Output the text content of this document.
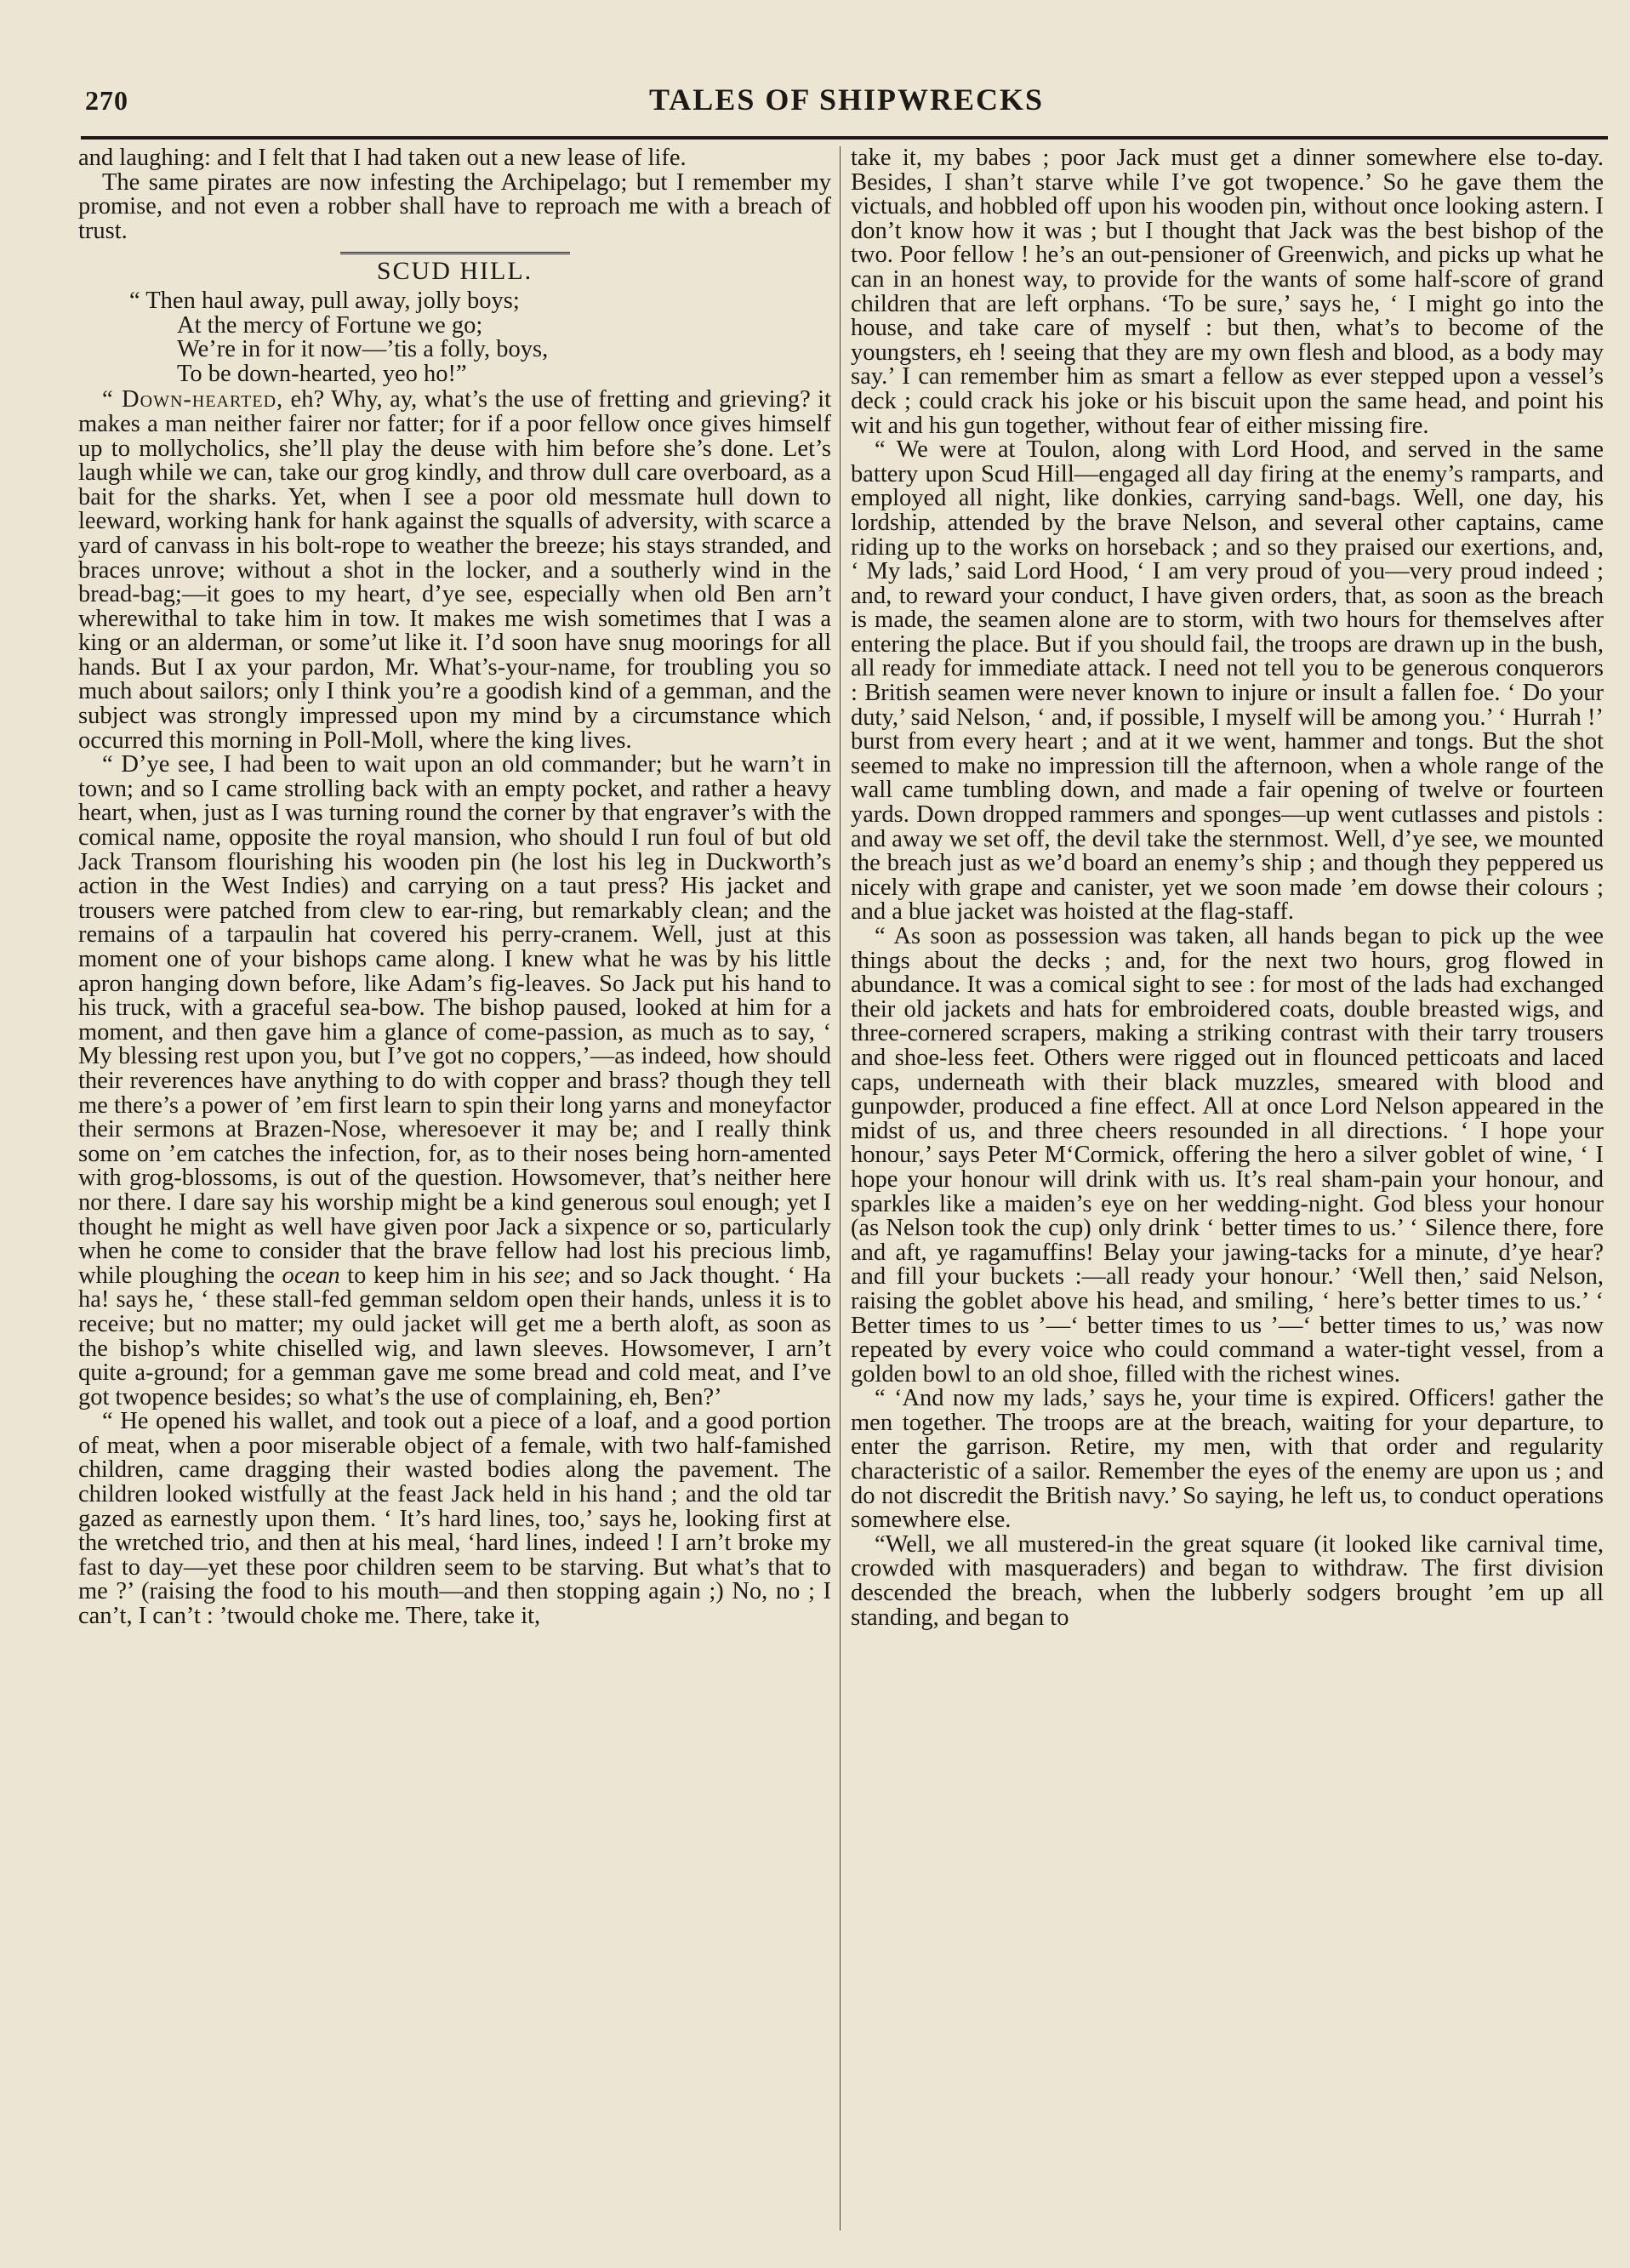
270	TALES OF SHIPWRECKS

and laughing: and I felt that I had taken out a new lease of life.

The same pirates are now infesting the Archipelago; but I remember my promise, and not even a robber shall have to reproach me with a breach of trust.

SCUD HILL.
“ Then haul away, pull away, jolly boys;
At the mercy of Fortune we go;
We’re in for it now—’tis a folly, boys,
To be down-hearted, yeo ho!”

“ Down-hearted, eh? Why, ay, what’s the use of fretting and grieving? it makes a man neither fairer nor fatter; for if a poor fellow once gives himself up to mollycholics, she’ll play the deuse with him before she’s done. Let’s laugh while we can, take our grog kindly, and throw dull care overboard, as a bait for the sharks. Yet, when I see a poor old messmate hull down to leeward, working hank for hank against the squalls of adversity, with scarce a yard of canvass in his bolt-rope to weather the breeze; his stays stranded, and braces unrove; without a shot in the locker, and a southerly wind in the bread-bag;—it goes to my heart, d’ye see, especially when old Ben arn’t wherewithal to take him in tow. It makes me wish sometimes that I was a king or an alderman, or some’ut like it. I’d soon have snug moorings for all hands. But I ax your pardon, Mr. What’s-your-name, for troubling you so much about sailors; only I think you’re a goodish kind of a gemman, and the subject was strongly impressed upon my mind by a circumstance which occurred this morning in Poll-Moll, where the king lives.

“ D’ye see, I had been to wait upon an old commander; but he warn’t in town; and so I came strolling back with an empty pocket, and rather a heavy heart, when, just as I was turning round the corner by that engraver’s with the comical name, opposite the royal mansion, who should I run foul of but old Jack Transom flourishing his wooden pin (he lost his leg in Duckworth’s action in the West Indies) and carrying on a taut press? His jacket and trousers were patched from clew to ear-ring, but remarkably clean; and the remains of a tarpaulin hat covered his perry-cranem. Well, just at this moment one of your bishops came along. I knew what he was by his little apron hanging down before, like Adam’s fig-leaves. So Jack put his hand to his truck, with a graceful sea-bow. The bishop paused, looked at him for a moment, and then gave him a glance of come-passion, as much as to say, ‘ My blessing rest upon you, but I’ve got no coppers,’—as indeed, how should their reverences have anything to do with copper and brass? though they tell me there’s a power of ’em first learn to spin their long yarns and moneyfactor their sermons at Brazen-Nose, wheresoever it may be; and I really think some on ’em catches the infection, for, as to their noses being horn-amented with grog-blossoms, is out of the question. Howsomever, that’s neither here nor there. I dare say his worship might be a kind generous soul enough; yet I thought he might as well have given poor Jack a sixpence or so, particularly when he come to consider that the brave fellow had lost his precious limb, while ploughing the ocean to keep him in his see; and so Jack thought. ‘ Ha ha! says he, ‘ these stall-fed gemman seldom open their hands, unless it is to receive; but no matter; my ould jacket will get me a berth aloft, as soon as the bishop’s white chiselled wig, and lawn sleeves. Howsomever, I arn’t quite a-ground; for a gemman gave me some bread and cold meat, and I’ve got twopence besides; so what’s the use of complaining, eh, Ben?’

“ He opened his wallet, and took out a piece of a loaf, and a good portion of meat, when a poor miserable object of a female, with two half-famished children, came dragging their wasted bodies along the pavement. The children looked wistfully at the feast Jack held in his hand ; and the old tar gazed as earnestly upon them. ‘ It’s hard lines, too,’ says he, looking first at the wretched trio, and then at his meal, ‘hard lines, indeed ! I arn’t broke my fast to day—yet these poor children seem to be starving. But what’s that to me ?’ (raising the food to his mouth—and then stopping again ;) No, no ; I can’t, I can’t : ’twould choke me. There, take it,

take it, my babes ; poor Jack must get a dinner somewhere else to-day. Besides, I shan’t starve while I’ve got twopence.’ So he gave them the victuals, and hobbled off upon his wooden pin, without once looking astern. I don’t know how it was ; but I thought that Jack was the best bishop of the two. Poor fellow ! he’s an out-pensioner of Greenwich, and picks up what he can in an honest way, to provide for the wants of some half-score of grand children that are left orphans. ‘To be sure,’ says he, ‘ I might go into the house, and take care of myself : but then, what’s to become of the youngsters, eh ! seeing that they are my own flesh and blood, as a body may say.’ I can remember him as smart a fellow as ever stepped upon a vessel’s deck ; could crack his joke or his biscuit upon the same head, and point his wit and his gun together, without fear of either missing fire.

“ We were at Toulon, along with Lord Hood, and served in the same battery upon Scud Hill—engaged all day firing at the enemy’s ramparts, and employed all night, like donkies, carrying sand-bags. Well, one day, his lordship, attended by the brave Nelson, and several other captains, came riding up to the works on horseback ; and so they praised our exertions, and, ‘ My lads,’ said Lord Hood, ‘ I am very proud of you—very proud indeed ; and, to reward your conduct, I have given orders, that, as soon as the breach is made, the seamen alone are to storm, with two hours for themselves after entering the place. But if you should fail, the troops are drawn up in the bush, all ready for immediate attack. I need not tell you to be generous conquerors : British seamen were never known to injure or insult a fallen foe. ‘ Do your duty,’ said Nelson, ‘ and, if possible, I myself will be among you.’ ‘ Hurrah !’ burst from every heart ; and at it we went, hammer and tongs. But the shot seemed to make no impression till the afternoon, when a whole range of the wall came tumbling down, and made a fair opening of twelve or fourteen yards. Down dropped rammers and sponges—up went cutlasses and pistols : and away we set off, the devil take the sternmost. Well, d’ye see, we mounted the breach just as we’d board an enemy’s ship ; and though they peppered us nicely with grape and canister, yet we soon made ’em dowse their colours ; and a blue jacket was hoisted at the flag-staff.

“ As soon as possession was taken, all hands began to pick up the wee things about the decks ; and, for the next two hours, grog flowed in abundance. It was a comical sight to see : for most of the lads had exchanged their old jackets and hats for embroidered coats, double breasted wigs, and three-cornered scrapers, making a striking contrast with their tarry trousers and shoe-less feet. Others were rigged out in flounced petticoats and laced caps, underneath with their black muzzles, smeared with blood and gunpowder, produced a fine effect. All at once Lord Nelson appeared in the midst of us, and three cheers resounded in all directions. ‘ I hope your honour,’ says Peter M‘Cormick, offering the hero a silver goblet of wine, ‘ I hope your honour will drink with us. It’s real sham-pain your honour, and sparkles like a maiden’s eye on her wedding-night. God bless your honour (as Nelson took the cup) only drink ‘ better times to us.’ ‘ Silence there, fore and aft, ye ragamuffins! Belay your jawing-tacks for a minute, d’ye hear? and fill your buckets :—all ready your honour.’ ‘Well then,’ said Nelson, raising the goblet above his head, and smiling, ‘ here’s better times to us.’ ‘ Better times to us ’—‘ better times to us ’—‘ better times to us,’ was now repeated by every voice who could command a water-tight vessel, from a golden bowl to an old shoe, filled with the richest wines.

“ ‘And now my lads,’ says he, your time is expired. Officers! gather the men together. The troops are at the breach, waiting for your departure, to enter the garrison. Retire, my men, with that order and regularity characteristic of a sailor. Remember the eyes of the enemy are upon us ; and do not discredit the British navy.’ So saying, he left us, to conduct operations somewhere else.

“Well, we all mustered-in the great square (it looked like carnival time, crowded with masqueraders) and began to withdraw. The first division descended the breach, when the lubberly sodgers brought ’em up all standing, and began to
